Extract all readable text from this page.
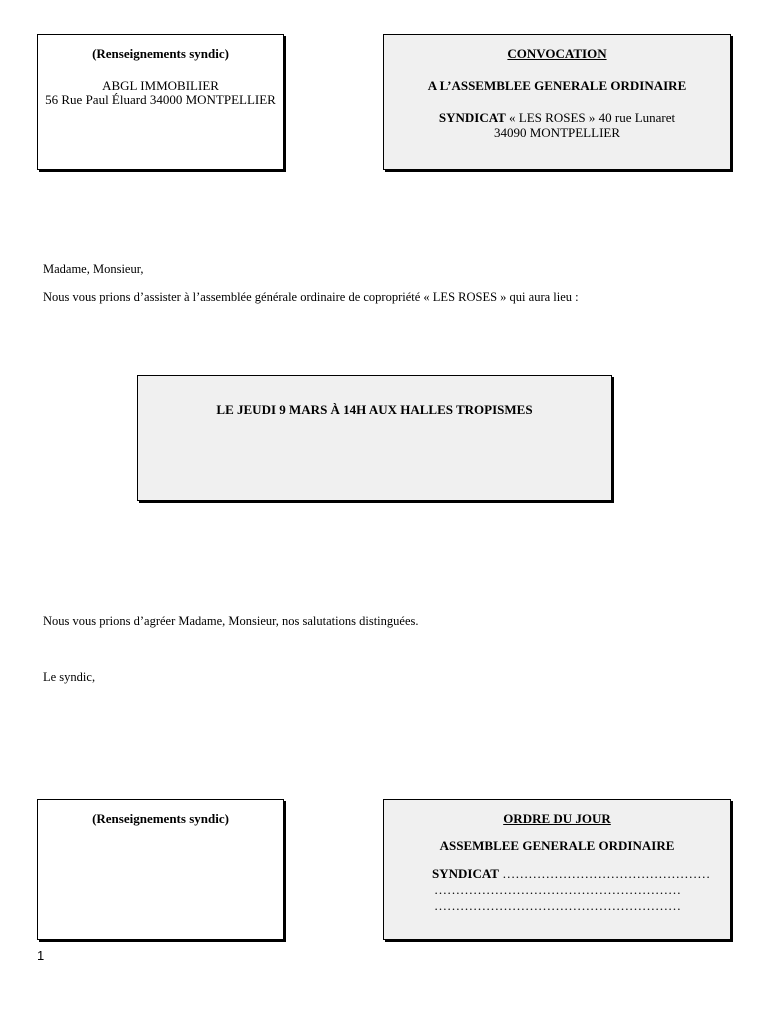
(Renseignements syndic)
ABGL IMMOBILIER
56 Rue Paul Éluard 34000 MONTPELLIER
CONVOCATION
A L’ASSEMBLEE GENERALE ORDINAIRE
SYNDICAT « LES ROSES » 40 rue Lunaret
34090 MONTPELLIER
Madame, Monsieur,
Nous vous prions d’assister à l’assemblée générale ordinaire de copropriété « LES ROSES » qui aura lieu :
LE JEUDI 9 MARS À 14H AUX HALLES TROPISMES
Nous vous prions d’agréer Madame, Monsieur, nos salutations distinguées.
Le syndic,
(Renseignements syndic)	ORDRE DU JOUR
ASSEMBLEE GENERALE ORDINAIRE
SYNDICAT …………………………………………
…………………………………………………
…………………………………………………
1
